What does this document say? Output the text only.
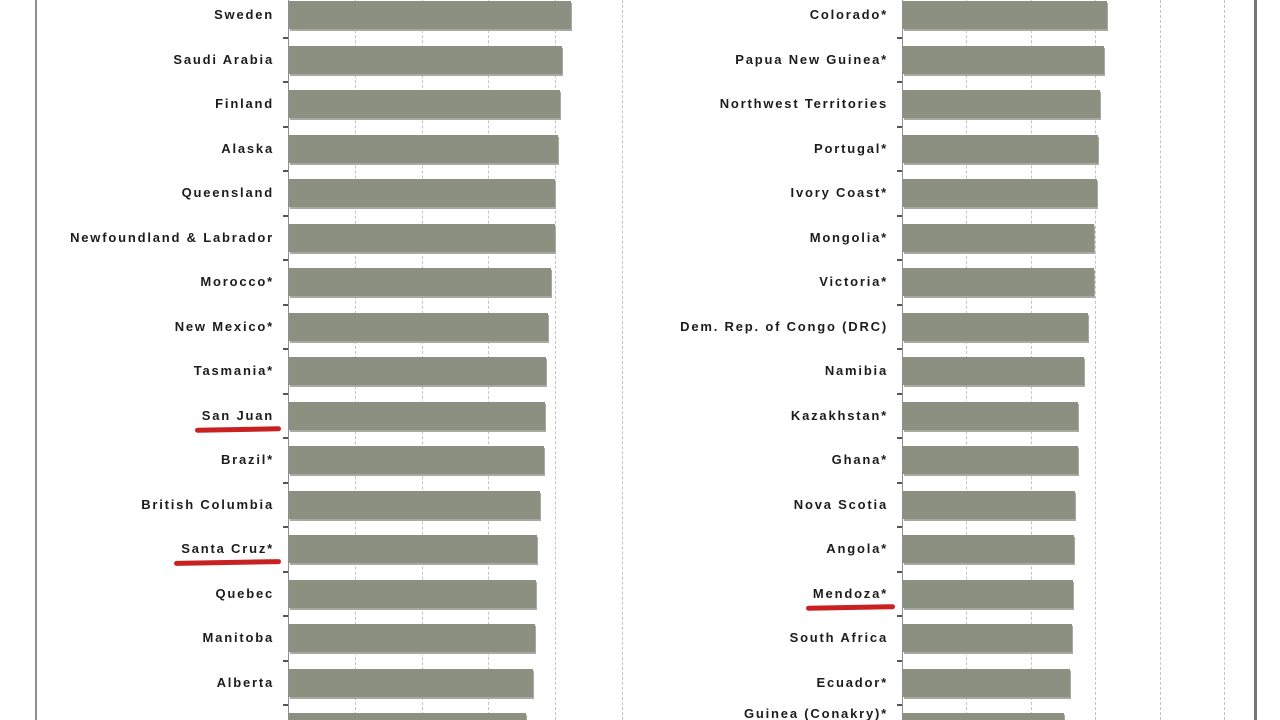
Sweden
Saudi Arabia
Finland
Alaska
Queensland
Newfoundland & Labrador
Morocco*
New Mexico*
Tasmania*
San Juan
Brazil*
British Columbia
Santa Cruz*
Quebec
Manitoba
Alberta
Colorado*
Papua New Guinea*
Northwest Territories
Portugal*
Ivory Coast*
Mongolia*
Victoria*
Dem. Rep. of Congo (DRC)
Namibia
Kazakhstan*
Ghana*
Nova Scotia
Angola*
Mendoza*
South Africa
Ecuador*
Guinea (Conakry)*
